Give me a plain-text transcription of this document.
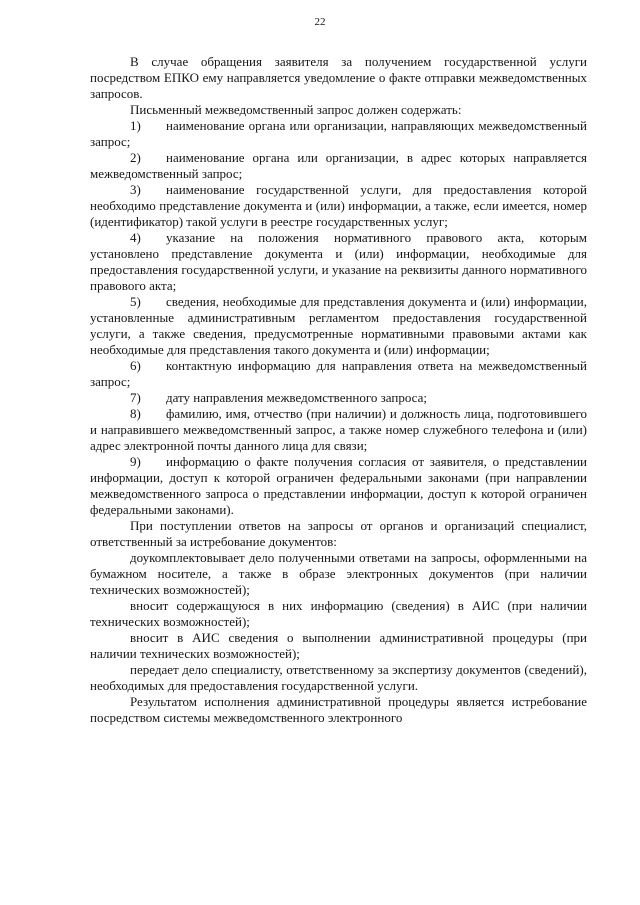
22

В случае обращения заявителя за получением государственной услуги посредством ЕПКО ему направляется уведомление о факте отправки межведомственных запросов.

Письменный межведомственный запрос должен содержать:

1) наименование органа или организации, направляющих межведомственный запрос;

2) наименование органа или организации, в адрес которых направляется межведомственный запрос;

3) наименование государственной услуги, для предоставления которой необходимо представление документа и (или) информации, а также, если имеется, номер (идентификатор) такой услуги в реестре государственных услуг;

4) указание на положения нормативного правового акта, которым установлено представление документа и (или) информации, необходимые для предоставления государственной услуги, и указание на реквизиты данного нормативного правового акта;

5) сведения, необходимые для представления документа и (или) информации, установленные административным регламентом предоставления государственной услуги, а также сведения, предусмотренные нормативными правовыми актами как необходимые для представления такого документа и (или) информации;

6) контактную информацию для направления ответа на межведомственный запрос;

7) дату направления межведомственного запроса;

8) фамилию, имя, отчество (при наличии) и должность лица, подготовившего и направившего межведомственный запрос, а также номер служебного телефона и (или) адрес электронной почты данного лица для связи;

9) информацию о факте получения согласия от заявителя, о представлении информации, доступ к которой ограничен федеральными законами (при направлении межведомственного запроса о представлении информации, доступ к которой ограничен федеральными законами).

При поступлении ответов на запросы от органов и организаций специалист, ответственный за истребование документов:

доукомплектовывает дело полученными ответами на запросы, оформленными на бумажном носителе, а также в образе электронных документов (при наличии технических возможностей);

вносит содержащуюся в них информацию (сведения) в АИС (при наличии технических возможностей);

вносит в АИС сведения о выполнении административной процедуры (при наличии технических возможностей);

передает дело специалисту, ответственному за экспертизу документов (сведений), необходимых для предоставления государственной услуги.

Результатом исполнения административной процедуры является истребование посредством системы межведомственного электронного
